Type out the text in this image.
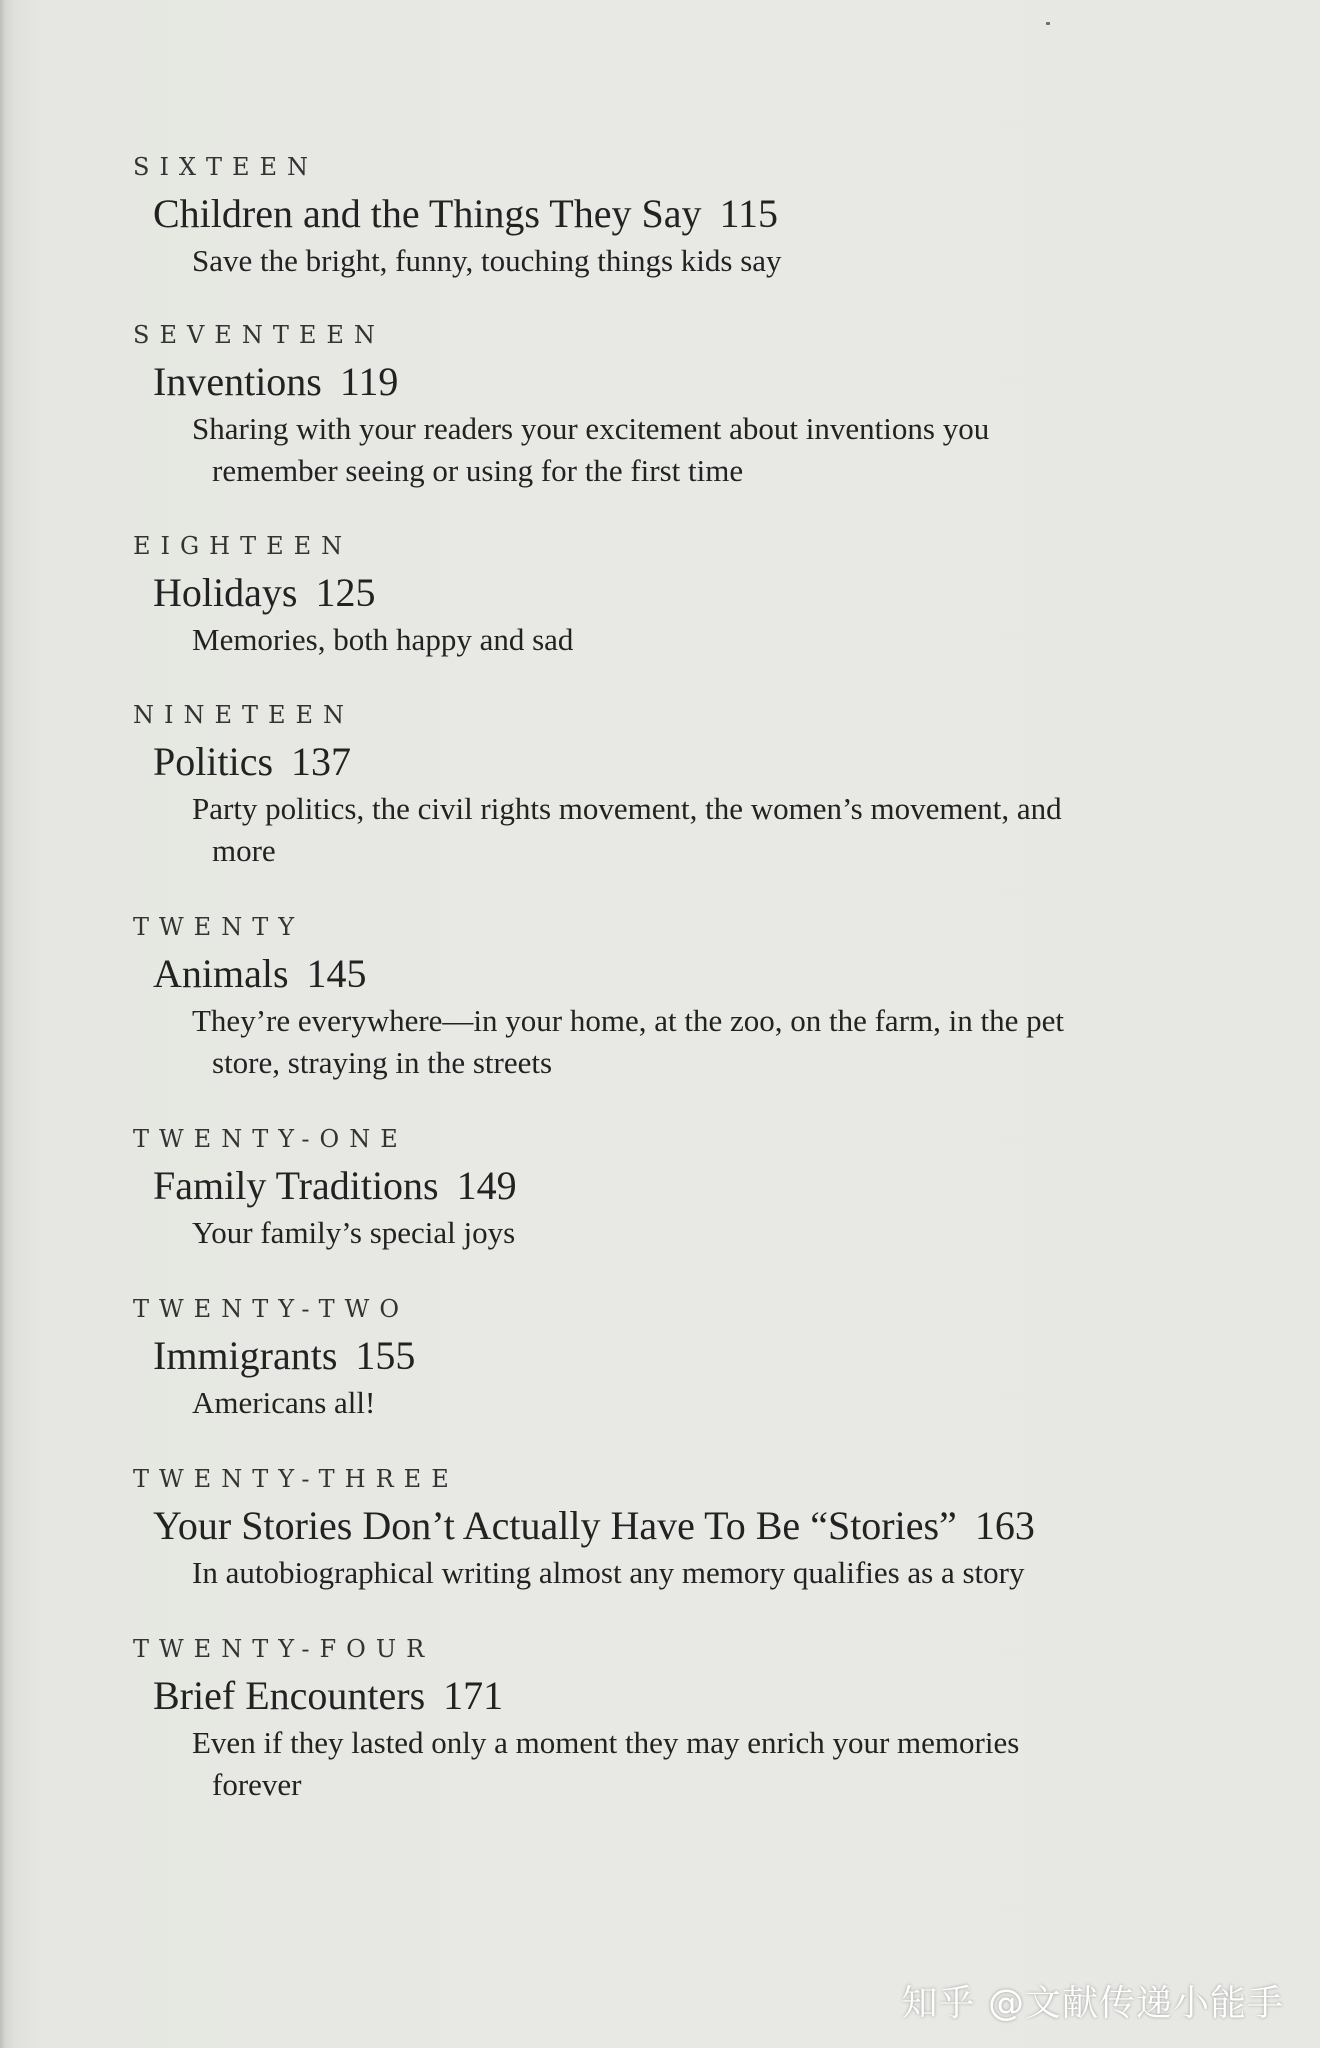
SIXTEEN

Children and the Things They Say 115
Save the bright, funny, touching things kids say

SEVENTEEN

Inventions 119
Sharing with your readers your excitement about inventions you remember seeing or using for the first time

EIGHTEEN

Holidays 125
Memories, both happy and sad

NINETEEN

Politics 137
Party politics, the civil rights movement, the women’s movement, and more

TWENTY

Animals 145
They’re everywhere—in your home, at the zoo, on the farm, in the pet store, straying in the streets

TWENTY-ONE

Family Traditions 149
Your family’s special joys

TWENTY-TWO

Immigrants 155
Americans all!

TWENTY-THREE

Your Stories Don’t Actually Have To Be “Stories” 163
In autobiographical writing almost any memory qualifies as a story

TWENTY-FOUR

Brief Encounters 171
Even if they lasted only a moment they may enrich your memories forever
知乎 @文献传递小能手
